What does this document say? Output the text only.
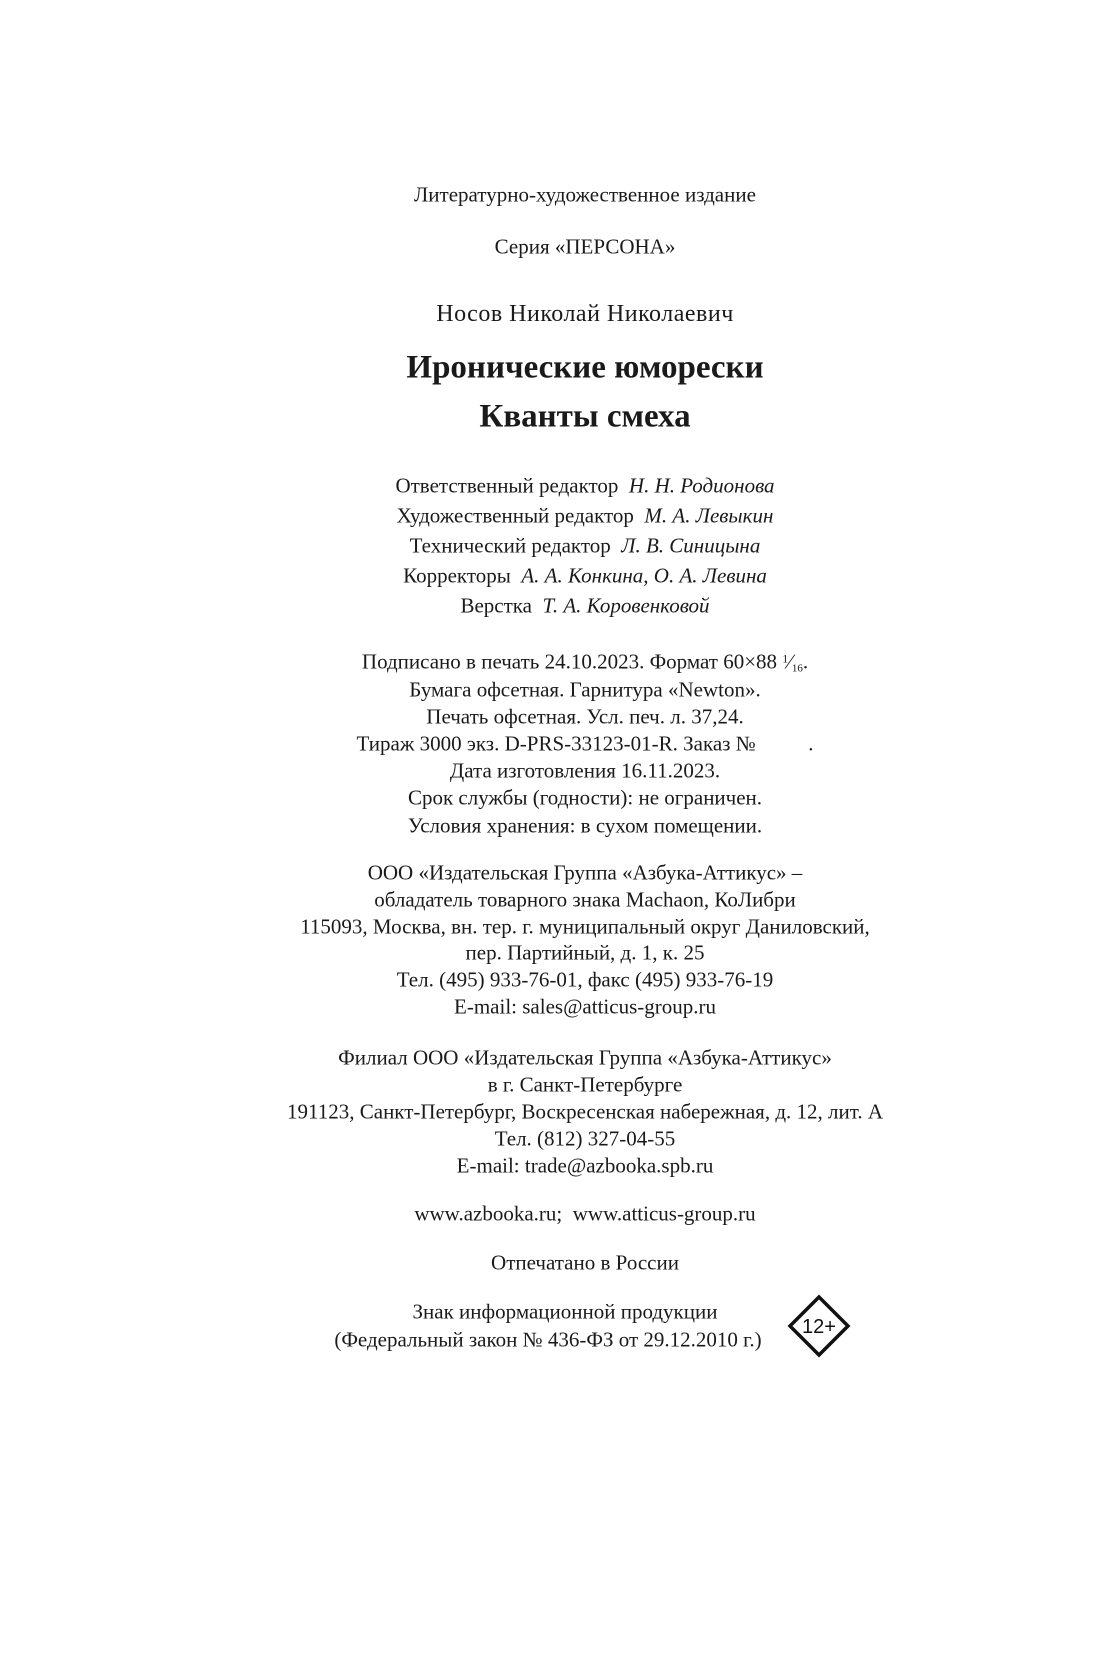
Литературно-художественное издание
Серия «ПЕРСОНА»
Носов Николай Николаевич
Иронические юморески
Кванты смеха
Ответственный редактор Н. Н. Родионова
Художественный редактор М. А. Левыкин
Технический редактор Л. В. Синицына
Корректоры А. А. Конкина, О. А. Левина
Верстка Т. А. Коровенковой
Подписано в печать 24.10.2023. Формат 60×88 $^1⁄_{16}$.
Бумага офсетная. Гарнитура «Newton».
Печать офсетная. Усл. печ. л. 37,24.
Тираж 3000 экз. D-PRS-33123-01-R. Заказ №          .
Дата изготовления 16.11.2023.
Срок службы (годности): не ограничен.
Условия хранения: в сухом помещении.
ООО «Издательская Группа «Азбука-Аттикус» –
обладатель товарного знака Machaon, КоЛибри
115093, Москва, вн. тер. г. муниципальный округ Даниловский,
пер. Партийный, д. 1, к. 25
Тел. (495) 933-76-01, факс (495) 933-76-19
E-mail: sales@atticus-group.ru
Филиал ООО «Издательская Группа «Азбука-Аттикус»
в г. Санкт-Петербурге
191123, Санкт-Петербург, Воскресенская набережная, д. 12, лит. А
Тел. (812) 327-04-55
E-mail: trade@azbooka.spb.ru
www.azbooka.ru;  www.atticus-group.ru
Отпечатано в России
Знак информационной продукции
(Федеральный закон № 436-ФЗ от 29.12.2010 г.)
12+
